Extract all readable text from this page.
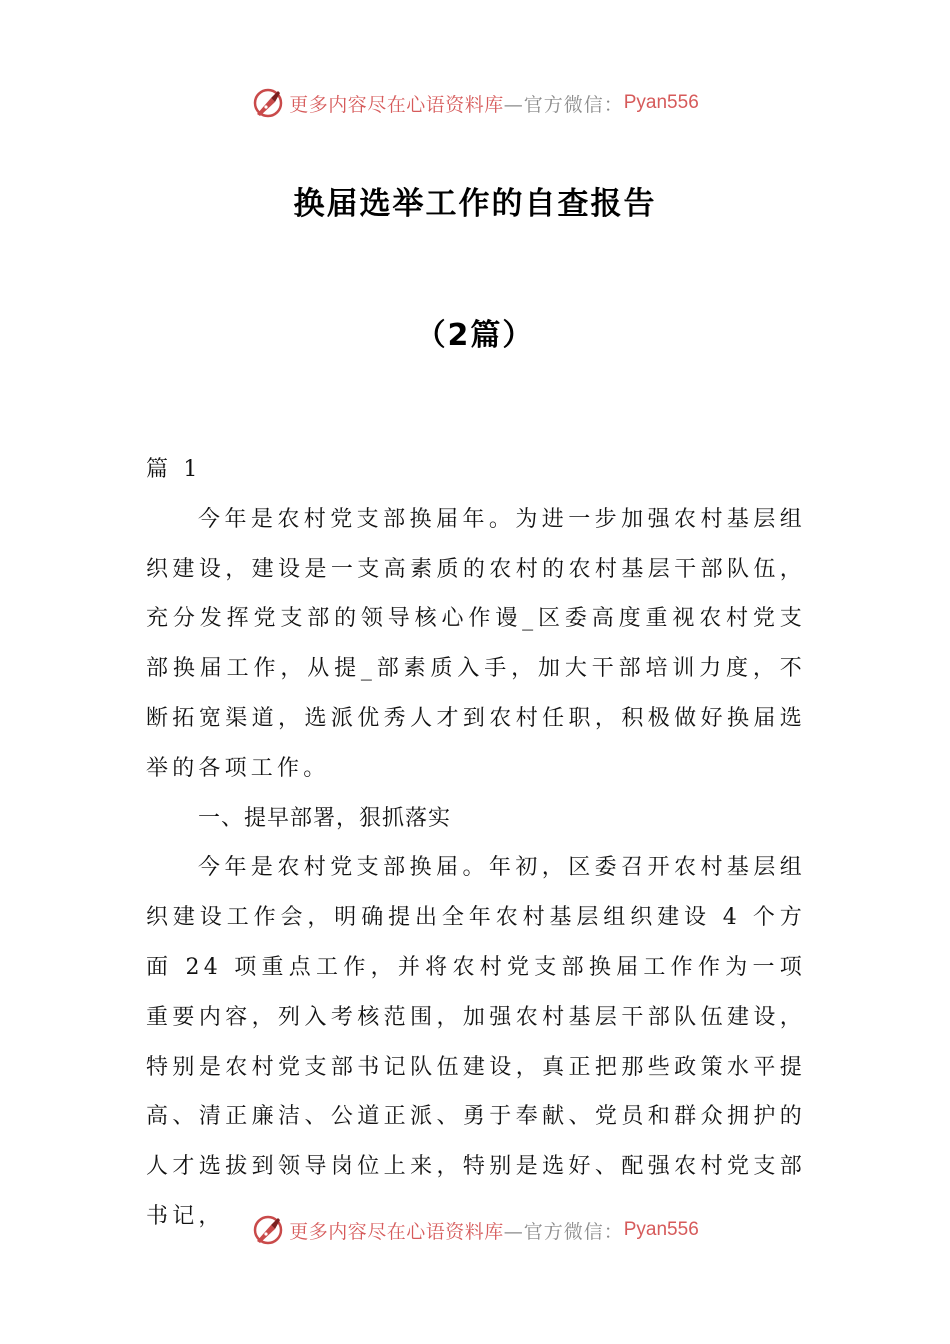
更多内容尽在心语资料库 —官方微信： Pyan556
换届选举工作的自查报告
（2篇）

篇 1

今年是农村党支部换届年。为进一步加强农村基层组织建设，建设是一支高素质的农村的农村基层干部队伍，充分发挥党支部的领导核心作谩_区委高度重视农村党支部换届工作，从提_部素质入手，加大干部培训力度，不断拓宽渠道，选派优秀人才到农村任职，积极做好换届选举的各项工作。

一、提早部署，狠抓落实

今年是农村党支部换届。年初，区委召开农村基层组织建设工作会，明确提出全年农村基层组织建设 4 个方面 24 项重点工作，并将农村党支部换届工作作为一项重要内容，列入考核范围，加强农村基层干部队伍建设，特别是农村党支部书记队伍建设，真正把那些政策水平提高、清正廉洁、公道正派、勇于奉献、党员和群众拥护的人才选拔到领导岗位上来，特别是选好、配强农村党支部书记，

更多内容尽在心语资料库 —官方微信： Pyan556
